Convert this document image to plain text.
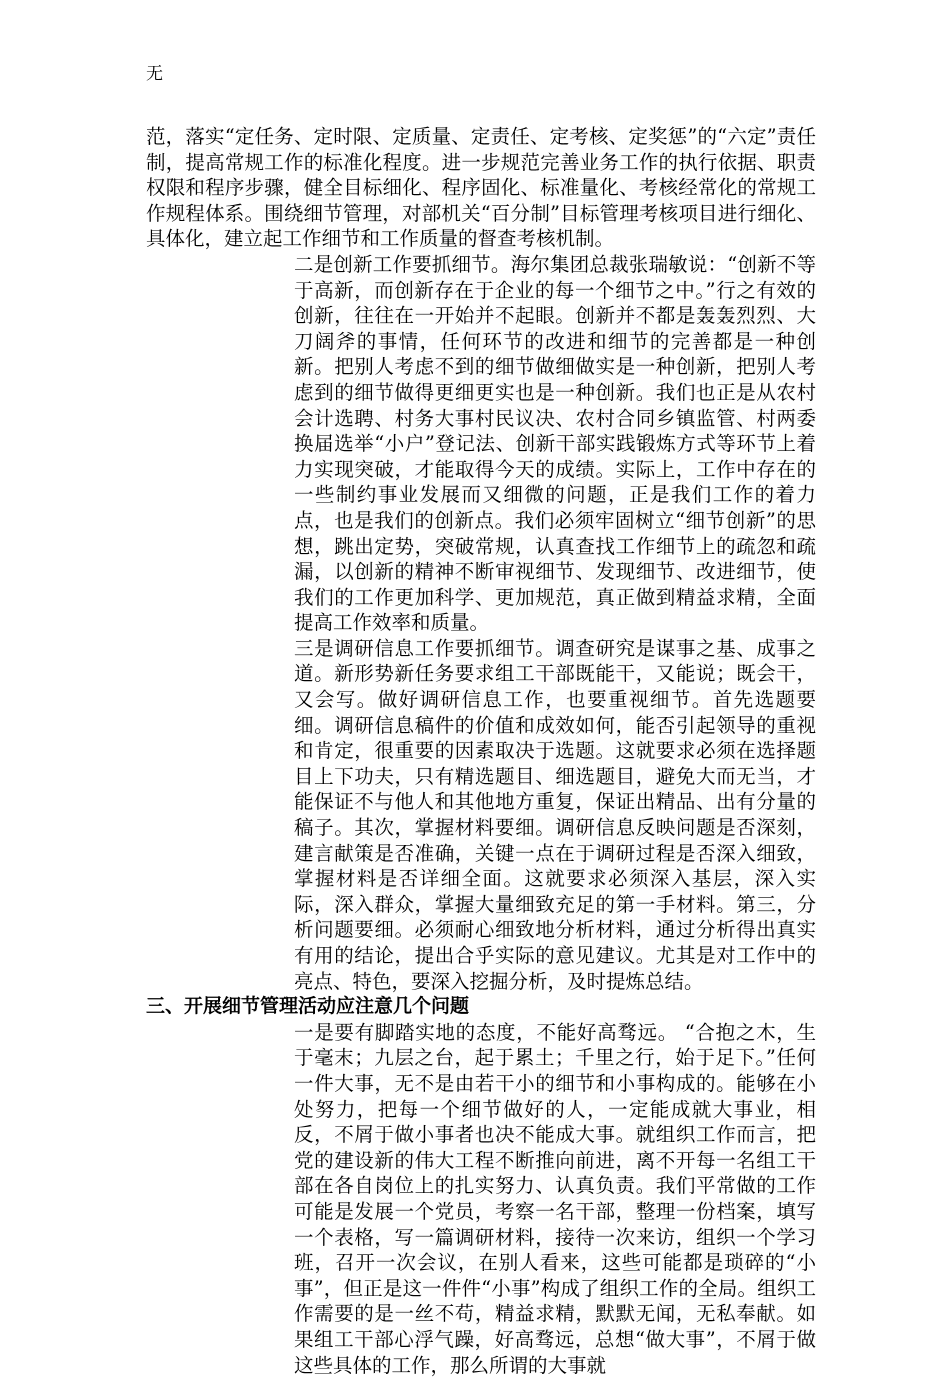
无

范，落实“定任务、定时限、定质量、定责任、定考核、定奖惩”的“六定”责任制，提高常规工作的标准化程度。进一步规范完善业务工作的执行依据、职责权限和程序步骤，健全目标细化、程序固化、标准量化、考核经常化的常规工作规程体系。围绕细节管理，对部机关“百分制”目标管理考核项目进行细化、具体化，建立起工作细节和工作质量的督查考核机制。

二是创新工作要抓细节。海尔集团总裁张瑞敏说：“创新不等于高新，而创新存在于企业的每一个细节之中。”行之有效的创新，往往在一开始并不起眼。创新并不都是轰轰烈烈、大刀阔斧的事情，任何环节的改进和细节的完善都是一种创新。把别人考虑不到的细节做细做实是一种创新，把别人考虑到的细节做得更细更实也是一种创新。我们也正是从农村会计选聘、村务大事村民议决、农村合同乡镇监管、村两委换届选举“小户”登记法、创新干部实践锻炼方式等环节上着力实现突破，才能取得今天的成绩。实际上，工作中存在的一些制约事业发展而又细微的问题，正是我们工作的着力点，也是我们的创新点。我们必须牢固树立“细节创新”的思想，跳出定势，突破常规，认真查找工作细节上的疏忽和疏漏，以创新的精神不断审视细节、发现细节、改进细节，使我们的工作更加科学、更加规范，真正做到精益求精，全面提高工作效率和质量。

三是调研信息工作要抓细节。调查研究是谋事之基、成事之道。新形势新任务要求组工干部既能干，又能说；既会干，又会写。做好调研信息工作，也要重视细节。首先选题要细。调研信息稿件的价值和成效如何，能否引起领导的重视和肯定，很重要的因素取决于选题。这就要求必须在选择题目上下功夫，只有精选题目、细选题目，避免大而无当，才能保证不与他人和其他地方重复，保证出精品、出有分量的稿子。其次，掌握材料要细。调研信息反映问题是否深刻，建言献策是否准确，关键一点在于调研过程是否深入细致，掌握材料是否详细全面。这就要求必须深入基层，深入实际，深入群众，掌握大量细致充足的第一手材料。第三，分析问题要细。必须耐心细致地分析材料，通过分析得出真实有用的结论，提出合乎实际的意见建议。尤其是对工作中的亮点、特色，要深入挖掘分析，及时提炼总结。

三、开展细节管理活动应注意几个问题

一是要有脚踏实地的态度，不能好高骛远。 “合抱之木，生于毫末；九层之台，起于累土；千里之行，始于足下。”任何一件大事，无不是由若干小的细节和小事构成的。能够在小处努力，把每一个细节做好的人，一定能成就大事业，相反，不屑于做小事者也决不能成大事。就组织工作而言，把党的建设新的伟大工程不断推向前进，离不开每一名组工干部在各自岗位上的扎实努力、认真负责。我们平常做的工作可能是发展一个党员，考察一名干部，整理一份档案，填写一个表格，写一篇调研材料，接待一次来访，组织一个学习班，召开一次会议，在别人看来，这些可能都是琐碎的“小事”，但正是这一件件“小事”构成了组织工作的全局。组织工作需要的是一丝不苟，精益求精，默默无闻，无私奉献。如果组工干部心浮气躁，好高骛远，总想“做大事”，不屑于做这些具体的工作，那么所谓的大事就
